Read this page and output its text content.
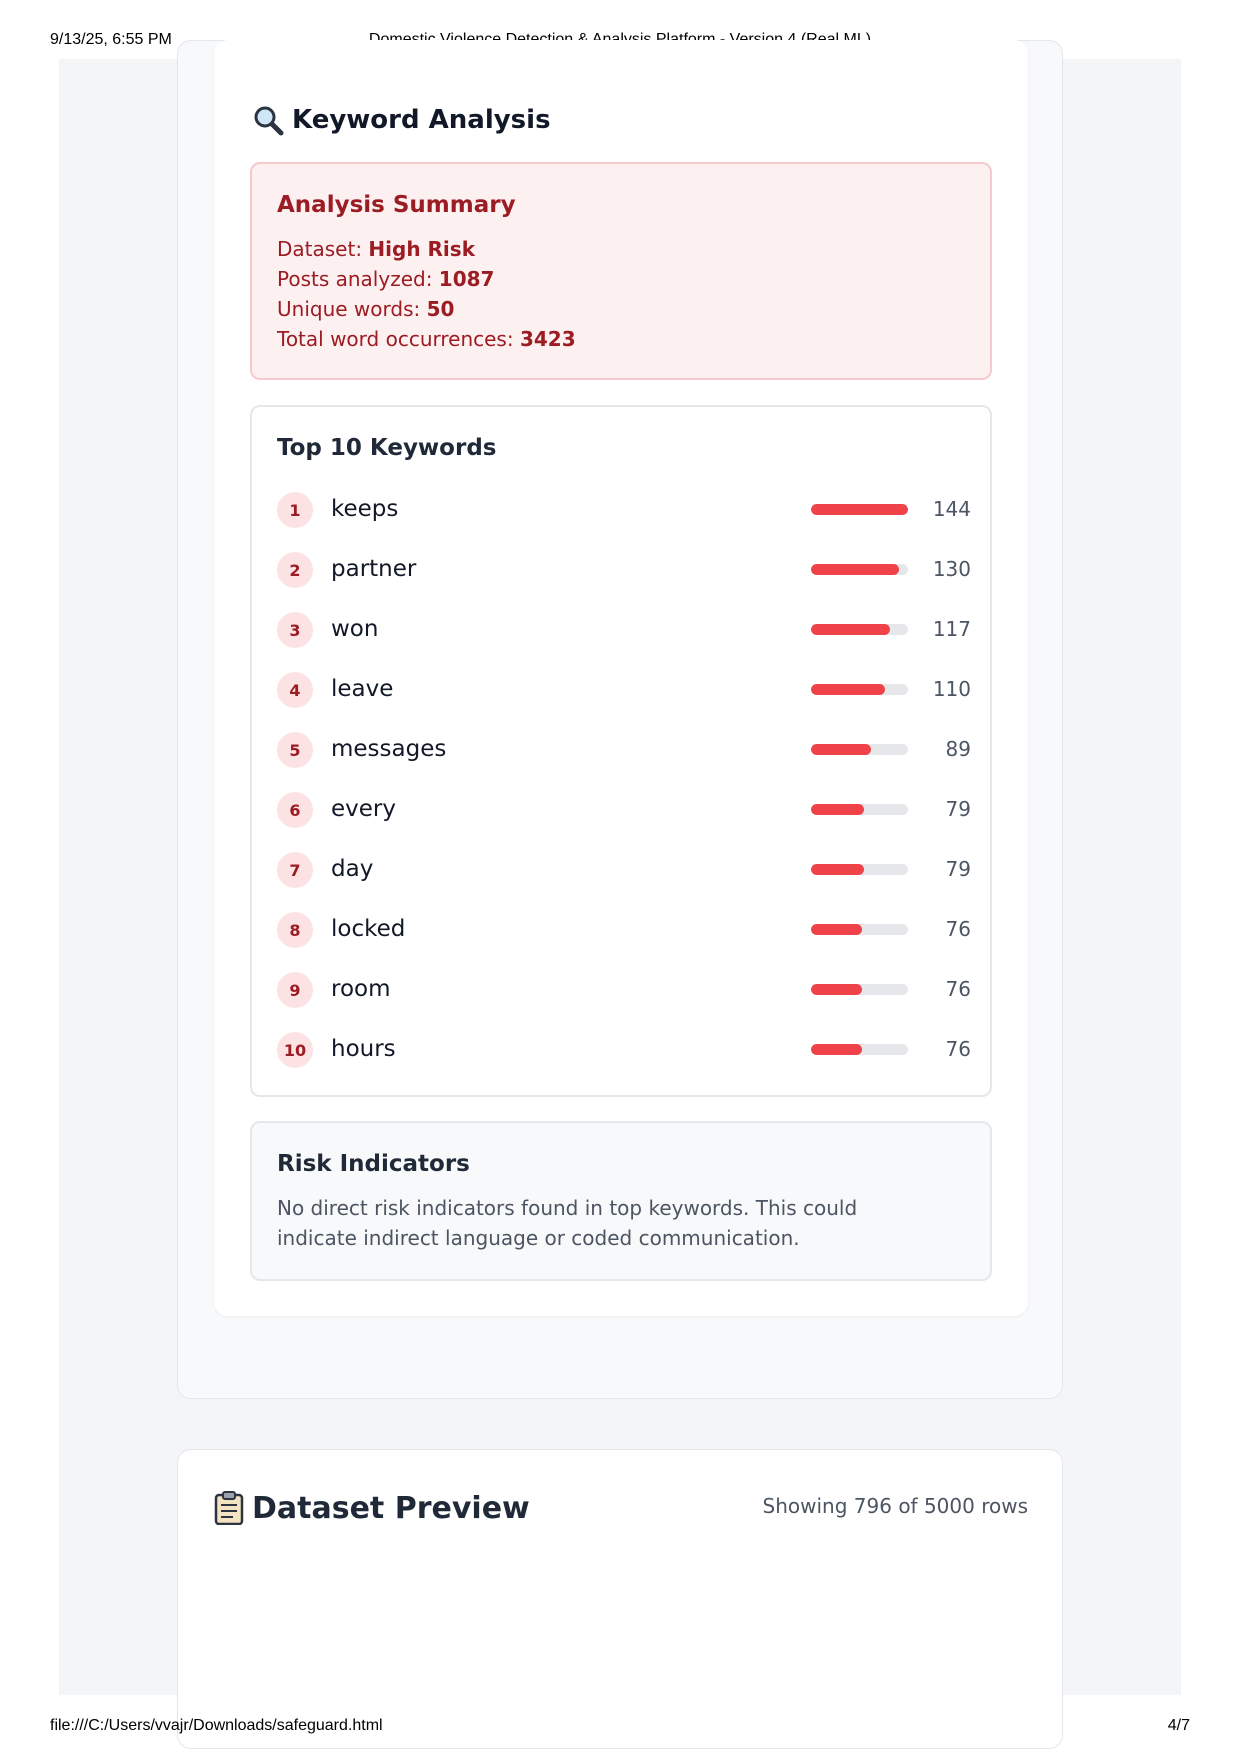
9/13/25, 6:55 PM
Keyword Analysis
Analysis Summary
Dataset: High Risk
Posts analyzed: 1087
Unique words: 50
Total word occurrences: 3423
Top 10 Keywords
1	keeps	144
2	partner	130
3	won	117
4	leave	110
5	messages	89
6	every	79
7	day	79
8	locked	76
9	room	76
10 hours	76
Risk Indicators
No direct risk indicators found in top keywords. This could indicate indirect language or coded communication.
Dataset Preview	Showing 796 of 5000 rows
file:///C:/Users/vvajr/Downloads/safeguard.html	4/7
